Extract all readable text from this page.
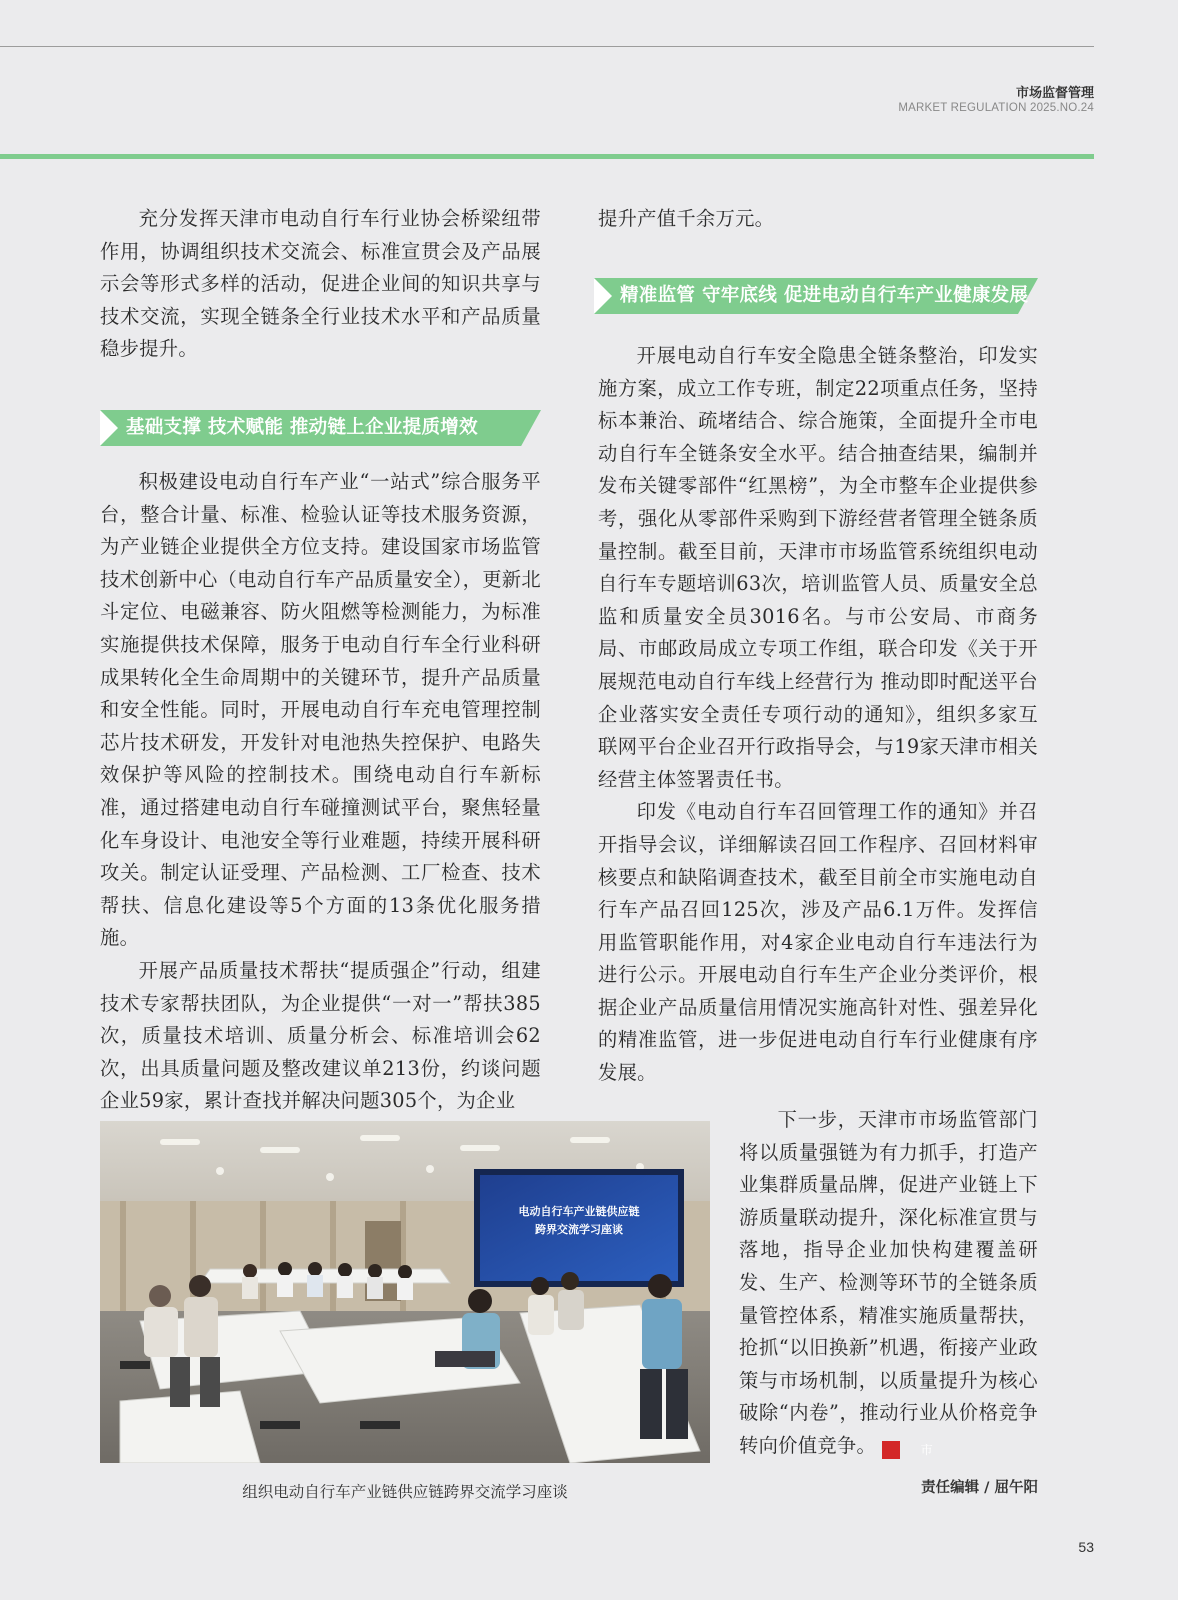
市场监督管理
MARKET REGULATION 2025.NO.24

充分发挥天津市电动自行车行业协会桥梁纽带作用，协调组织技术交流会、标准宣贯会及产品展示会等形式多样的活动，促进企业间的知识共享与技术交流，实现全链条全行业技术水平和产品质量稳步提升。

基础支撑 技术赋能 推动链上企业提质增效

积极建设电动自行车产业“一站式”综合服务平台，整合计量、标准、检验认证等技术服务资源，为产业链企业提供全方位支持。建设国家市场监管技术创新中心（电动自行车产品质量安全），更新北斗定位、电磁兼容、防火阻燃等检测能力，为标准实施提供技术保障，服务于电动自行车全行业科研成果转化全生命周期中的关键环节，提升产品质量和安全性能。同时，开展电动自行车充电管理控制芯片技术研发，开发针对电池热失控保护、电路失效保护等风险的控制技术。围绕电动自行车新标准，通过搭建电动自行车碰撞测试平台，聚焦轻量化车身设计、电池安全等行业难题，持续开展科研攻关。制定认证受理、产品检测、工厂检查、技术帮扶、信息化建设等5个方面的13条优化服务措施。

开展产品质量技术帮扶“提质强企”行动，组建技术专家帮扶团队，为企业提供“一对一”帮扶385次，质量技术培训、质量分析会、标准培训会62次，出具质量问题及整改建议单213份，约谈问题企业59家，累计查找并解决问题305个，为企业

提升产值千余万元。

精准监管 守牢底线 促进电动自行车产业健康发展

开展电动自行车安全隐患全链条整治，印发实施方案，成立工作专班，制定22项重点任务，坚持标本兼治、疏堵结合、综合施策，全面提升全市电动自行车全链条安全水平。结合抽查结果，编制并发布关键零部件“红黑榜”，为全市整车企业提供参考，强化从零部件采购到下游经营者管理全链条质量控制。截至目前，天津市市场监管系统组织电动自行车专题培训63次，培训监管人员、质量安全总监和质量安全员3016名。与市公安局、市商务局、市邮政局成立专项工作组，联合印发《关于开展规范电动自行车线上经营行为 推动即时配送平台企业落实安全责任专项行动的通知》，组织多家互联网平台企业召开行政指导会，与19家天津市相关经营主体签署责任书。

印发《电动自行车召回管理工作的通知》并召开指导会议，详细解读召回工作程序、召回材料审核要点和缺陷调查技术，截至目前全市实施电动自行车产品召回125次，涉及产品6.1万件。发挥信用监管职能作用，对4家企业电动自行车违法行为进行公示。开展电动自行车生产企业分类评价，根据企业产品质量信用情况实施高针对性、强差异化的精准监管，进一步促进电动自行车行业健康有序发展。

下一步，天津市市场监管部门将以质量强链为有力抓手，打造产业集群质量品牌，促进产业链上下游质量联动提升，深化标准宣贯与落地，指导企业加快构建覆盖研发、生产、检测等环节的全链条质量管控体系，精准实施质量帮扶，抢抓“以旧换新”机遇，衔接产业政策与市场机制，以质量提升为核心破除“内卷”，推动行业从价格竞争转向价值竞争。	市

电动自行车产业链供应链
跨界交流学习座谈
组织电动自行车产业链供应链跨界交流学习座谈	责任编辑 / 屈午阳
53
